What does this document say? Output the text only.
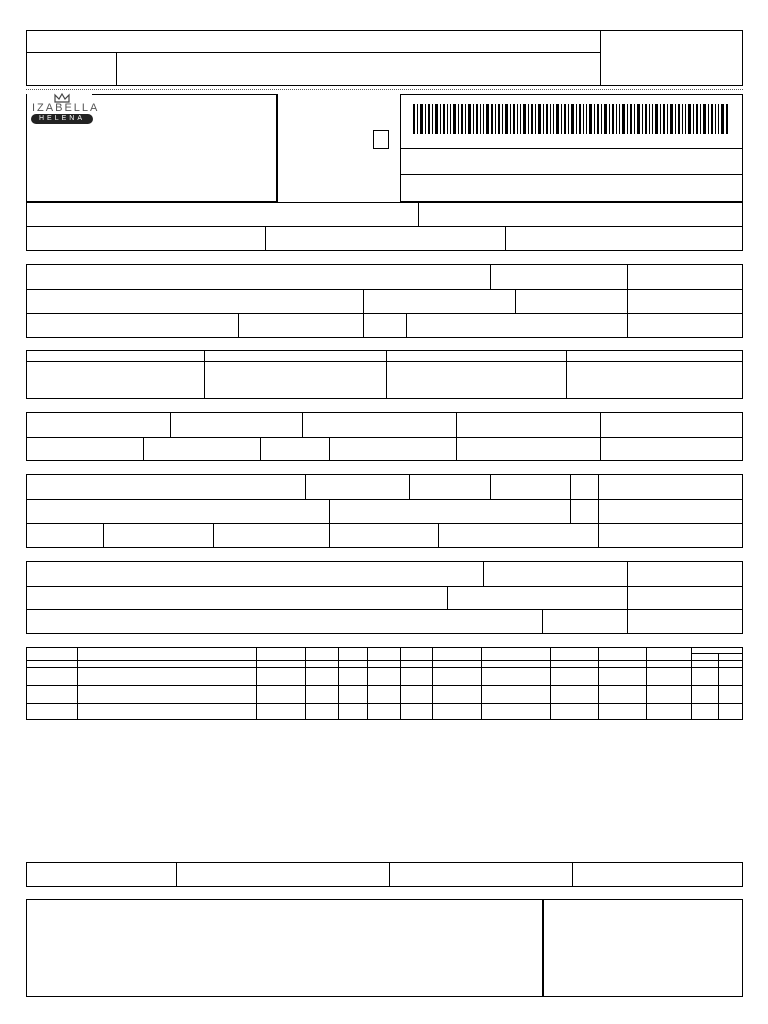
IZABELLA
HELENA
